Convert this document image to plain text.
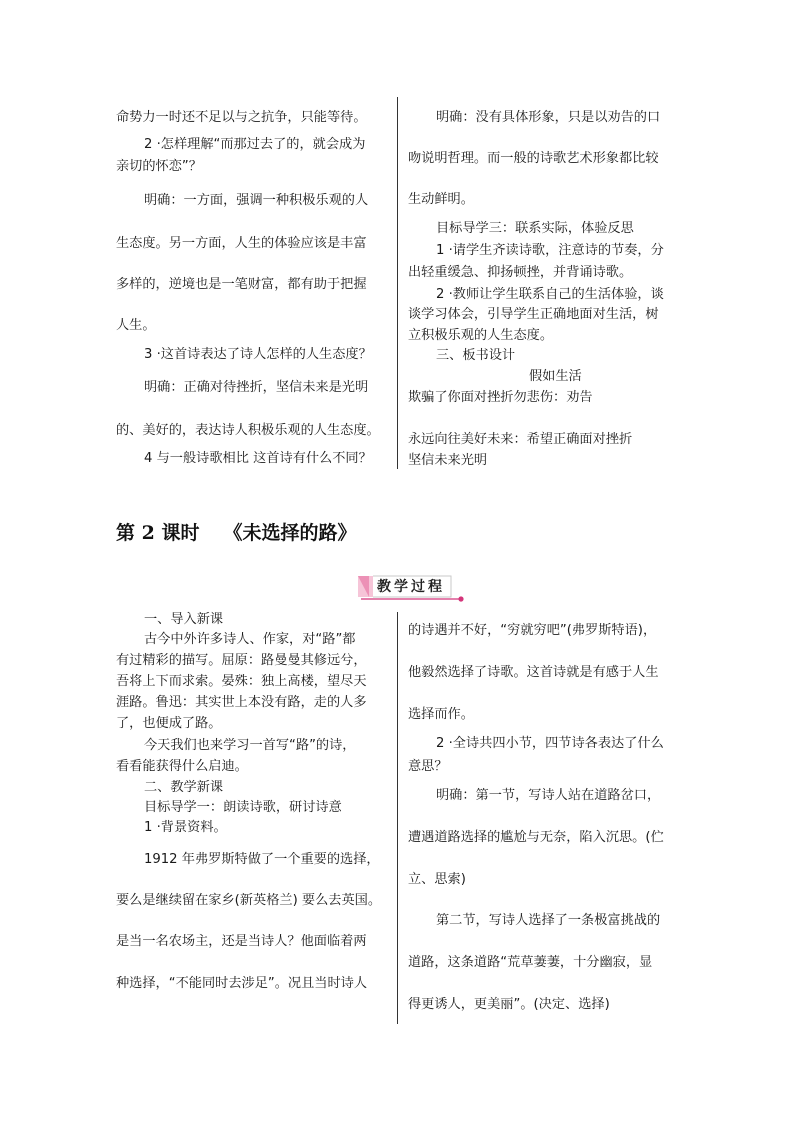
命势力一时还不足以与之抗争，只能等待。
2 ·怎样理解“而那过去了的，就会成为
亲切的怀恋”？
明确：一方面，强调一种积极乐观的人
生态度。另一方面，人生的体验应该是丰富
多样的，逆境也是一笔财富，都有助于把握
人生。
3 ·这首诗表达了诗人怎样的人生态度？
明确：正确对待挫折，坚信未来是光明
的、美好的，表达诗人积极乐观的人生态度。
4 与一般诗歌相比 这首诗有什么不同？
明确：没有具体形象，只是以劝告的口
吻说明哲理。而一般的诗歌艺术形象都比较
生动鲜明。
目标导学三：联系实际，体验反思
1 ·请学生齐读诗歌，注意诗的节奏，分
出轻重缓急、抑扬顿挫，并背诵诗歌。
2 ·教师让学生联系自己的生活体验，谈
谈学习体会，引导学生正确地面对生活，树
立积极乐观的人生态度。
三、板书设计
假如生活
欺骗了你面对挫折勿悲伤：劝告
永远向往美好未来：希望正确面对挫折
坚信未来光明
第 2 课时 《未选择的路》
教学过程
一、导入新课
古今中外许多诗人、作家，对“路”都
有过精彩的描写。屈原：路曼曼其修远兮，
吾将上下而求索。晏殊：独上高楼，望尽天
涯路。鲁迅：其实世上本没有路，走的人多
了，也便成了路。
今天我们也来学习一首写“路”的诗，
看看能获得什么启迪。
二、教学新课
目标导学一：朗读诗歌，研讨诗意
1 ·背景资料。
1912 年弗罗斯特做了一个重要的选择，
要么是继续留在家乡(新英格兰) 要么去英国。
是当一名农场主，还是当诗人？他面临着两
种选择，“不能同时去涉足”。况且当时诗人
的诗遇并不好，“穷就穷吧”(弗罗斯特语)，
他毅然选择了诗歌。这首诗就是有感于人生
选择而作。
2 ·全诗共四小节，四节诗各表达了什么
意思？
明确：第一节，写诗人站在道路岔口，
遭遇道路选择的尴尬与无奈，陷入沉思。(伫
立、思索)
第二节，写诗人选择了一条极富挑战的
道路，这条道路“荒草萋萋，十分幽寂，显
得更诱人，更美丽”。(决定、选择)
